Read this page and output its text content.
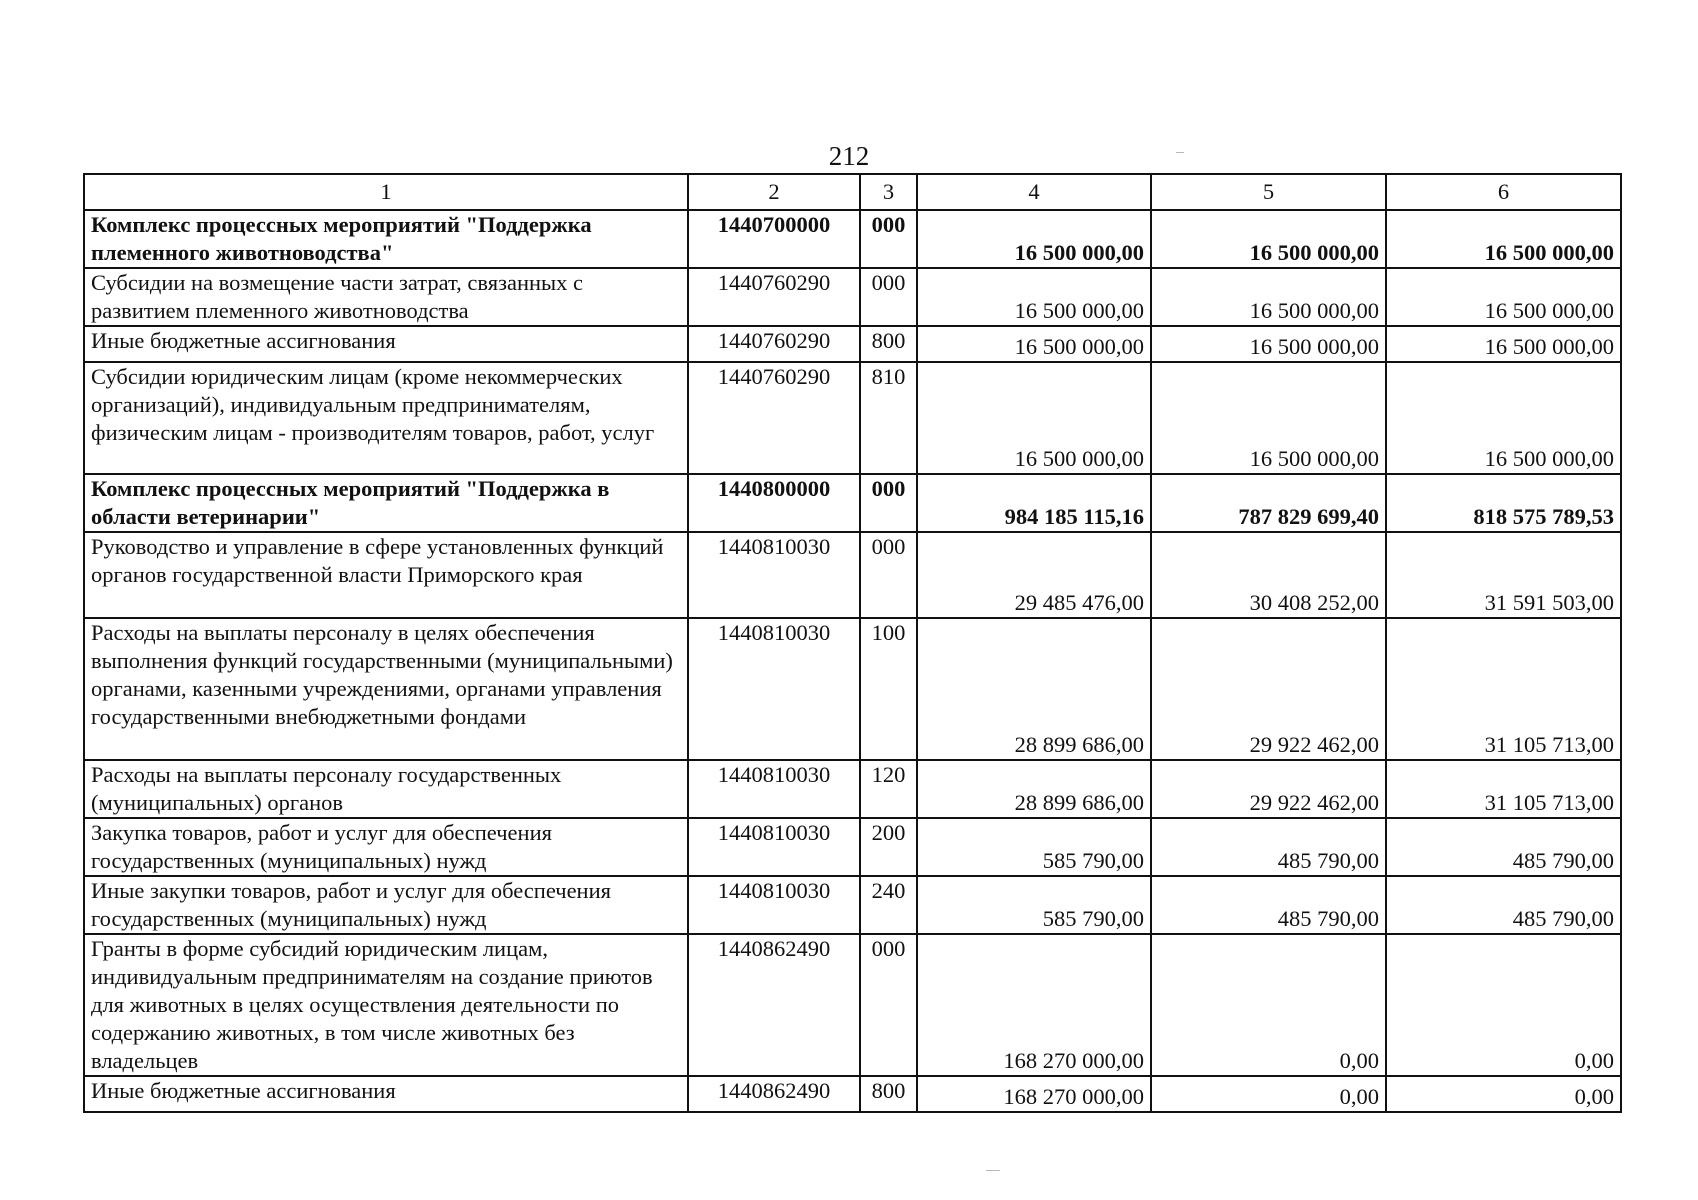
212
1	2	3	4	5	6
Комплекс процессных мероприятий "Поддержка племенного животноводства"	1440700000	000	16 500 000,00	16 500 000,00	16 500 000,00
Субсидии на возмещение части затрат, связанных с развитием племенного животноводства	1440760290	000	16 500 000,00	16 500 000,00	16 500 000,00
Иные бюджетные ассигнования	1440760290	800	16 500 000,00	16 500 000,00	16 500 000,00
Субсидии юридическим лицам (кроме некоммерческих организаций), индивидуальным предпринимателям, физическим лицам - производителям товаров, работ, услуг	1440760290	810	16 500 000,00	16 500 000,00	16 500 000,00
Комплекс процессных мероприятий "Поддержка в области ветеринарии"	1440800000	000	984 185 115,16	787 829 699,40	818 575 789,53
Руководство и управление в сфере установленных функций органов государственной власти Приморского края	1440810030	000	29 485 476,00	30 408 252,00	31 591 503,00
Расходы на выплаты персоналу в целях обеспечения выполнения функций государственными (муниципальными) органами, казенными учреждениями, органами управления государственными внебюджетными фондами	1440810030	100	28 899 686,00	29 922 462,00	31 105 713,00
Расходы на выплаты персоналу государственных (муниципальных) органов	1440810030	120	28 899 686,00	29 922 462,00	31 105 713,00
Закупка товаров, работ и услуг для обеспечения государственных (муниципальных) нужд	1440810030	200	585 790,00	485 790,00	485 790,00
Иные закупки товаров, работ и услуг для обеспечения государственных (муниципальных) нужд	1440810030	240	585 790,00	485 790,00	485 790,00
Гранты в форме субсидий юридическим лицам, индивидуальным предпринимателям на создание приютов для животных в целях осуществления деятельности по содержанию животных, в том числе животных без владельцев	1440862490	000	168 270 000,00	0,00	0,00
Иные бюджетные ассигнования	1440862490	800	168 270 000,00	0,00	0,00
